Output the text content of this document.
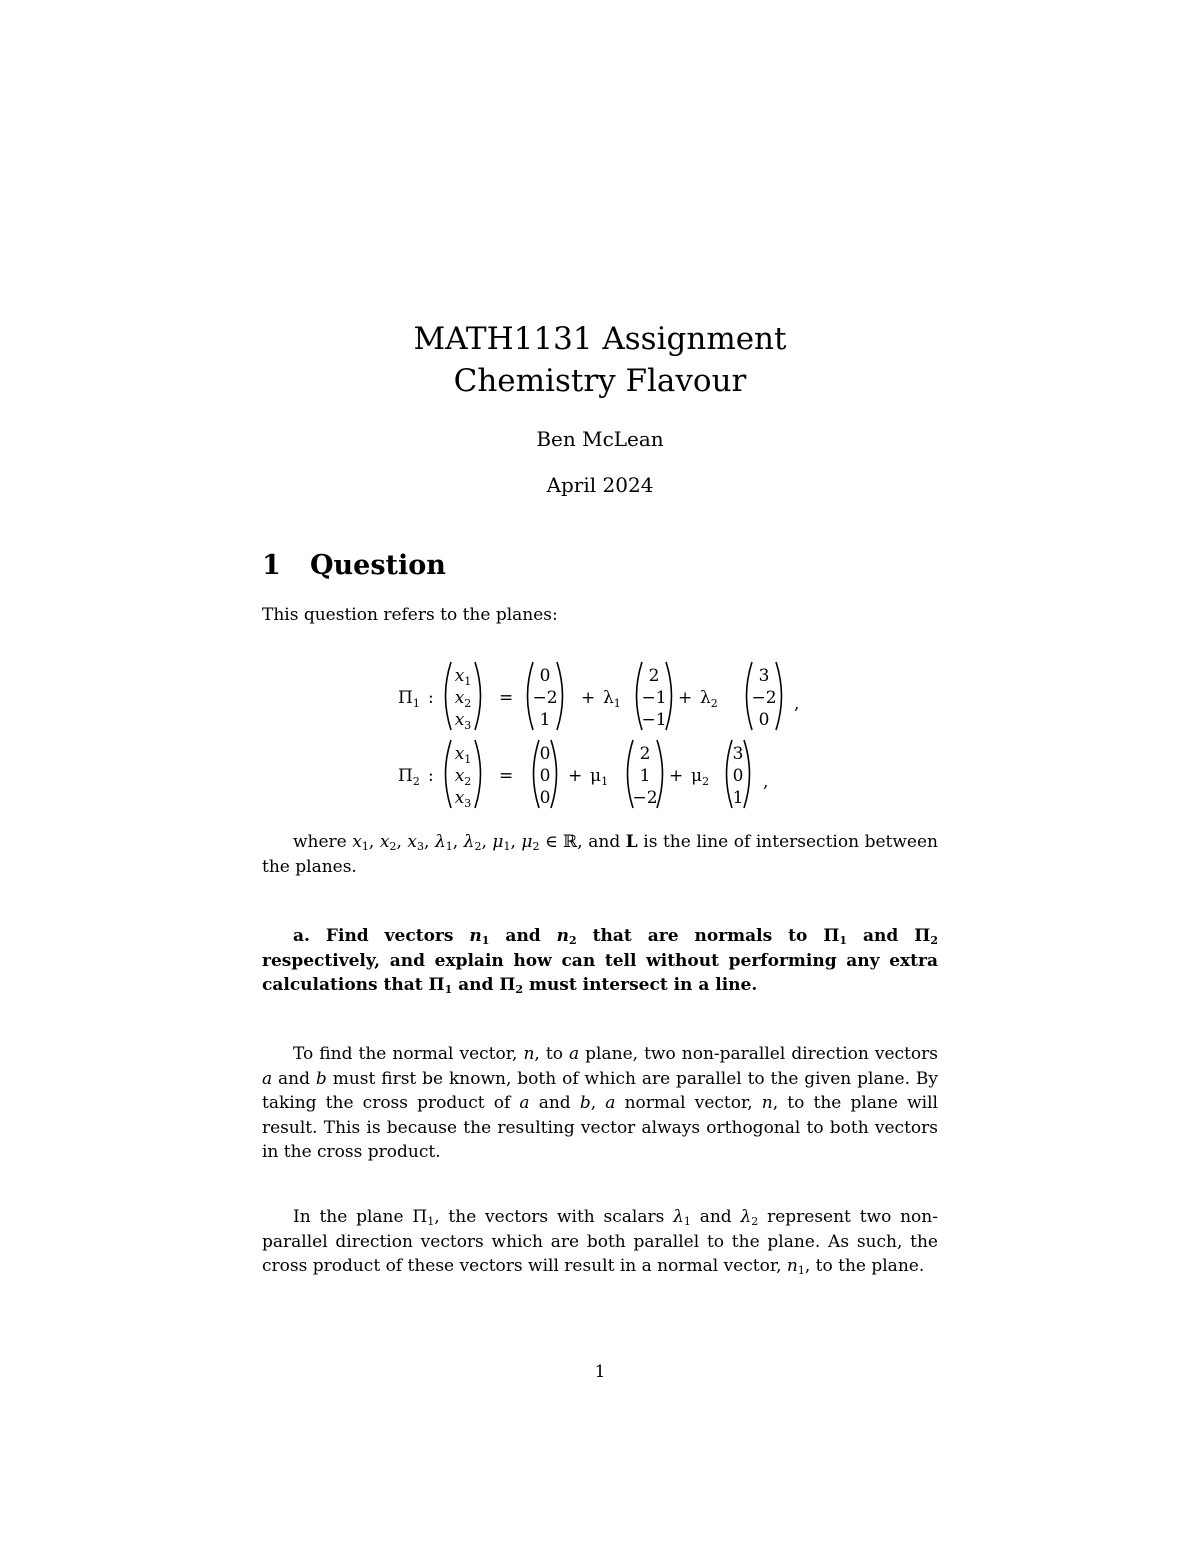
MATH1131 Assignment
Chemistry Flavour
Ben McLean
April 2024
1 Question
This question refers to the planes:
$\Pi_1$ :
$x_1$
$x_2$
$x_3$
=
0
−2
1
+ $\lambda_1$
2
−1
−1
+ $\lambda_2$
3
−2
0
,
$\Pi_2$ :
$x_1$
$x_2$
$x_3$
=
0
0
0
+ $\mu_1$
2
1
−2
+ $\mu_2$
3
0
1
,
where $x_1$, $x_2$, $x_3$, $\lambda_1$, $\lambda_2$, $\mu_1$, $\mu_2$ ∈ ℝ, and L is the line of intersection between the planes.
a. Find vectors $n_1$ and $n_2$ that are normals to $\Pi_1$ and $\Pi_2$ respectively, and explain how can tell without performing any extra calculations that $\Pi_1$ and $\Pi_2$ must intersect in a line.
To find the normal vector, n, to a plane, two non-parallel direction vectors a and b must first be known, both of which are parallel to the given plane. By taking the cross product of a and b, a normal vector, n, to the plane will result. This is because the resulting vector always orthogonal to both vectors in the cross product.
In the plane $\Pi_1$, the vectors with scalars $\lambda_1$ and $\lambda_2$ represent two non-parallel direction vectors which are both parallel to the plane. As such, the cross product of these vectors will result in a normal vector, $n_1$, to the plane.
1
